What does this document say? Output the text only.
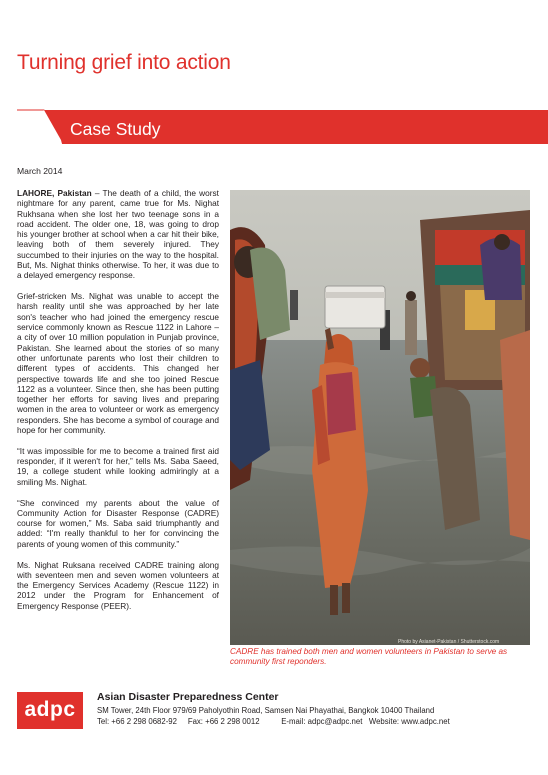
Turning grief into action
Case Study
March 2014

LAHORE, Pakistan – The death of a child, the worst nightmare for any parent, came true for Ms. Nighat Rukhsana when she lost her two teenage sons in a road accident. The older one, 18, was going to drop his younger brother at school when a car hit their bike, leaving both of them severely injured. They succumbed to their injuries on the way to the hospital. But, Ms. Nighat thinks otherwise. To her, it was due to a delayed emergency response.

Grief-stricken Ms. Nighat was unable to accept the harsh reality until she was approached by her late son's teacher who had joined the emergency rescue service commonly known as Rescue 1122 in Lahore – a city of over 10 million population in Punjab province, Pakistan. She learned about the stories of so many other unfortunate parents who lost their children to different types of accidents. This changed her perspective towards life and she too joined Rescue 1122 as a volunteer. Since then, she has been putting together her efforts for saving lives and preparing women in the area to volunteer or work as emergency responders. She has become a symbol of courage and hope for her community.

“It was impossible for me to become a trained first aid responder, if it weren't for her,” tells Ms. Saba Saeed, 19, a college student while looking admiringly at a smiling Ms. Nighat.

“She convinced my parents about the value of Community Action for Disaster Response (CADRE) course for women,” Ms. Saba said triumphantly and added: “I'm really thankful to her for convincing the parents of young women of this community.”

Ms. Nighat Ruksana received CADRE training along with seventeen men and seven women volunteers at the Emergency Services Academy (Rescue 1122) in 2012 under the Program for Enhancement of Emergency Response (PEER).

Photo by Asianet-Pakistan / Shutterstock.com
CADRE has trained both men and women volunteers in Pakistan to serve as community first reponders.
adpc
Asian Disaster Preparedness Center
SM Tower, 24th Floor 979/69 Paholyothin Road, Samsen Nai Phayathai, Bangkok 10400 Thailand
Tel: +66 2 298 0682-92     Fax: +66 2 298 0012          E-mail: adpc@adpc.net   Website: www.adpc.net
